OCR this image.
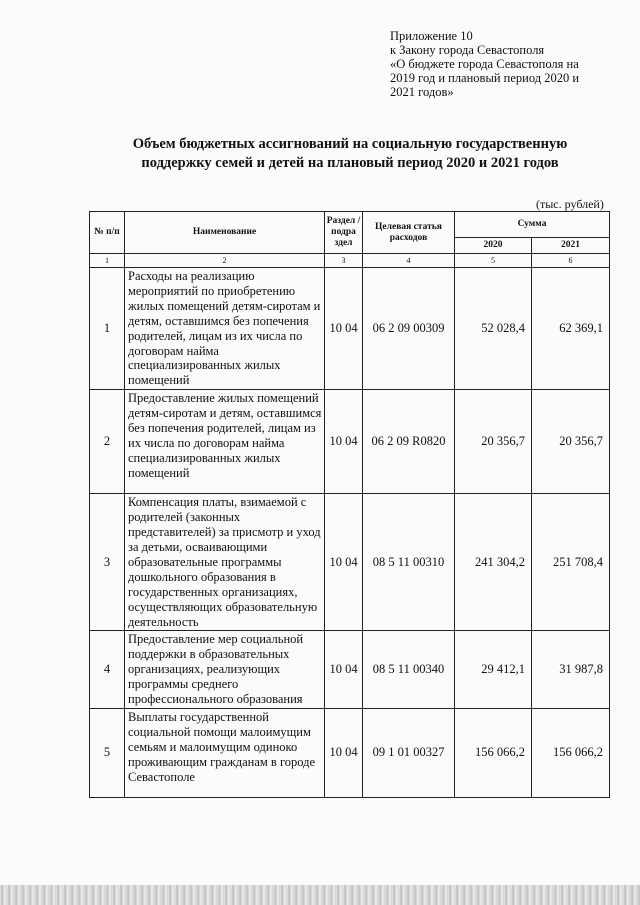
Приложение 10
к Закону города Севастополя
«О бюджете города Севастополя на
2019 год и плановый период 2020 и
2021 годов»
Объем бюджетных ассигнований на социальную государственную
поддержку семей и детей на плановый период 2020 и 2021 годов
(тыс. рублей)
№ п/п	Наименование	Раздел /подра здел	Целевая статья расходов	Сумма	
				2020	2021
1	2	3	4	5	6
1	Расходы на реализацию мероприятий по приобретению жилых помещений детям-сиротам и детям, оставшимся без попечения родителей, лицам из их числа по договорам найма специализированных жилых помещений	10 04	06 2 09 00309	52 028,4	62 369,1
2	Предоставление жилых помещений детям-сиротам и детям, оставшимся без попечения родителей, лицам из их числа по договорам найма специализированных жилых помещений	10 04	06 2 09 R0820	20 356,7	20 356,7
3	Компенсация платы, взимаемой с родителей (законных представителей) за присмотр и уход за детьми, осваивающими образовательные программы дошкольного образования в государственных организациях, осуществляющих образовательную деятельность	10 04	08 5 11 00310	241 304,2	251 708,4
4	Предоставление мер социальной поддержки в образовательных организациях, реализующих программы среднего профессионального образования	10 04	08 5 11 00340	29 412,1	31 987,8
5	Выплаты государственной социальной помощи малоимущим семьям и малоимущим одиноко проживающим гражданам в городе Севастополе	10 04	09 1 01 00327	156 066,2	156 066,2
